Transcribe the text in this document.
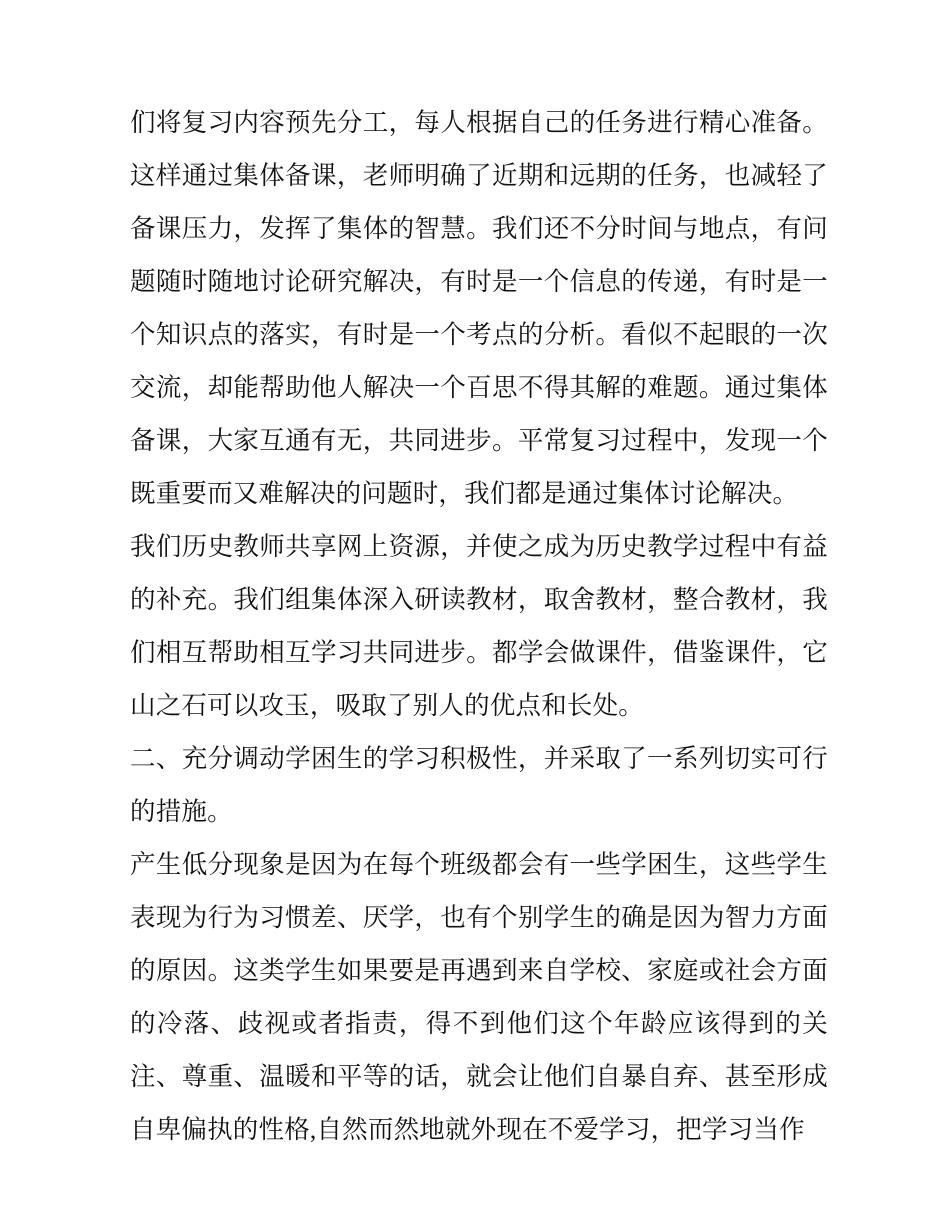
们将复习内容预先分工，每人根据自己的任务进行精心准备。这样通过集体备课，老师明确了近期和远期的任务，也减轻了备课压力，发挥了集体的智慧。我们还不分时间与地点，有问题随时随地讨论研究解决，有时是一个信息的传递，有时是一个知识点的落实，有时是一个考点的分析。看似不起眼的一次交流，却能帮助他人解决一个百思不得其解的难题。通过集体备课，大家互通有无，共同进步。平常复习过程中，发现一个既重要而又难解决的问题时，我们都是通过集体讨论解决。

我们历史教师共享网上资源，并使之成为历史教学过程中有益的补充。我们组集体深入研读教材，取舍教材，整合教材，我们相互帮助相互学习共同进步。都学会做课件，借鉴课件，它山之石可以攻玉，吸取了别人的优点和长处。

二、充分调动学困生的学习积极性，并采取了一系列切实可行的措施。

产生低分现象是因为在每个班级都会有一些学困生，这些学生表现为行为习惯差、厌学，也有个别学生的确是因为智力方面的原因。这类学生如果要是再遇到来自学校、家庭或社会方面的冷落、歧视或者指责，得不到他们这个年龄应该得到的关注、尊重、温暖和平等的话，就会让他们自暴自弃、甚至形成自卑偏执的性格,自然而然地就外现在不爱学习，把学习当作
